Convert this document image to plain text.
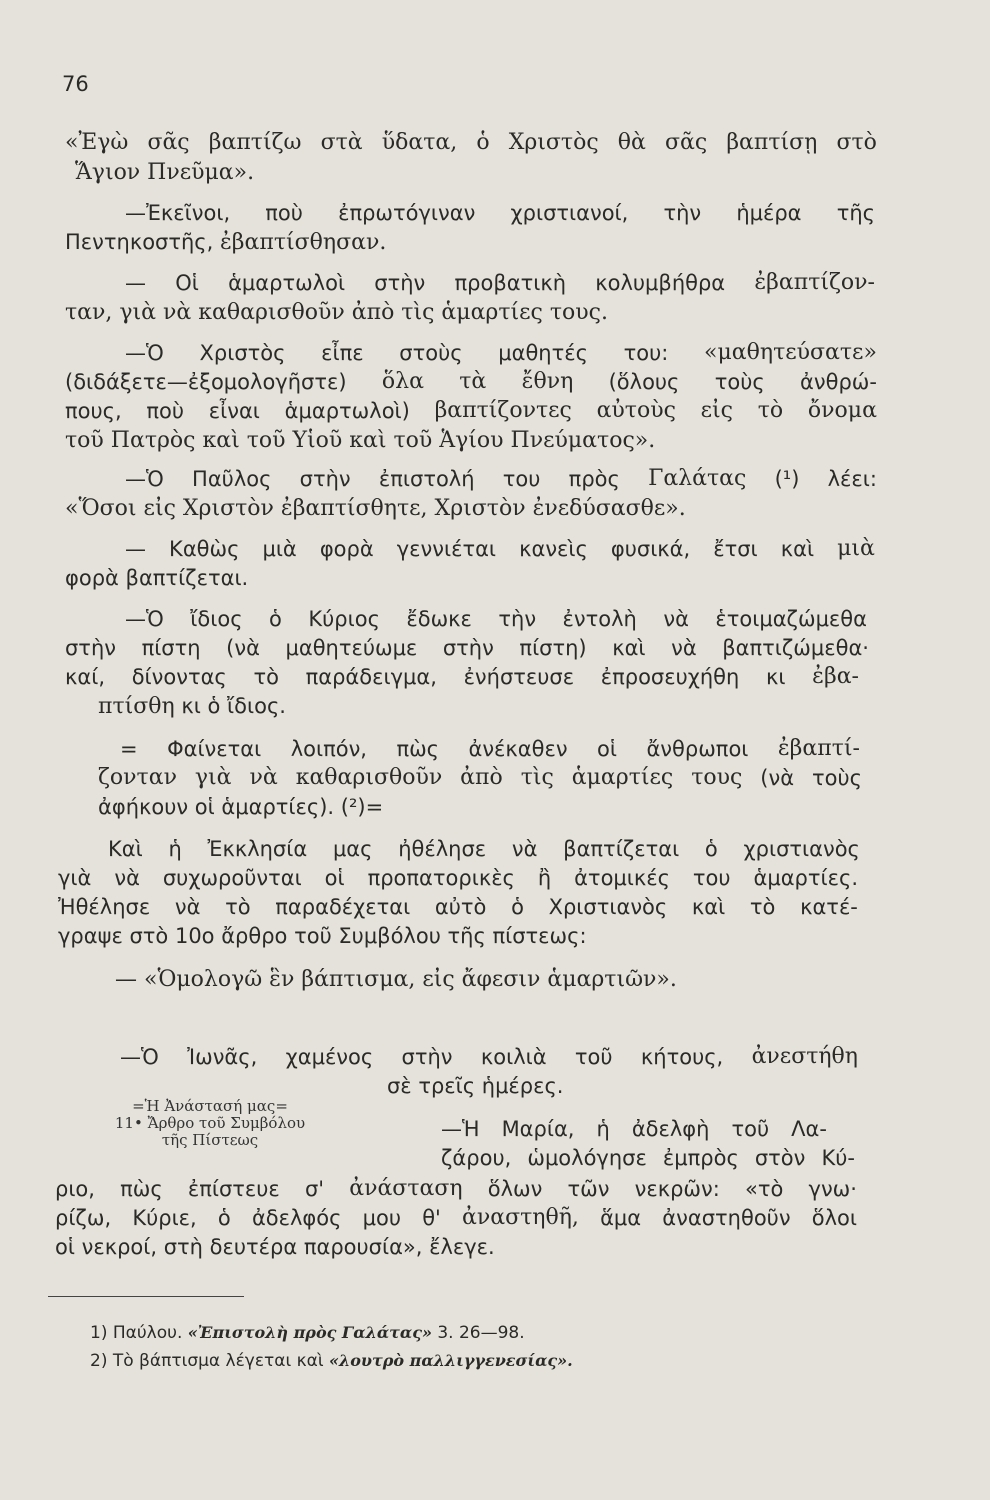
76
«Ἐγὼ σᾶς βαπτίζω στὰ ὕδατα, ὁ Χριστὸς θὰ σᾶς βαπτίσῃ στὸ
Ἅγιον Πνεῦμα».
—Ἐκεῖνοι, ποὺ ἐπρωτόγιναν χριστιανοί, τὴν ἡμέρα τῆς
Πεντηκοστῆς, ἐβαπτίσθησαν.
— Οἱ ἁμαρτωλοὶ στὴν προβατικὴ κολυμβήθρα ἐβαπτίζον-
ταν, γιὰ νὰ καθαρισθοῦν ἀπὸ τὶς ἁμαρτίες τους.
—Ὁ Χριστὸς εἶπε στοὺς μαθητές του: «μαθητεύσατε»
(διδάξετε—ἐξομολογῆστε) ὅλα τὰ ἔθνη (ὅλους τοὺς ἀνθρώ-
πους, ποὺ εἶναι ἁμαρτωλοὶ) βαπτίζοντες αὐτοὺς εἰς τὸ ὄνομα
τοῦ Πατρὸς καὶ τοῦ Υἱοῦ καὶ τοῦ Ἁγίου Πνεύματος».
—Ὁ Παῦλος στὴν ἐπιστολή του πρὸς Γαλάτας (¹) λέει:
«Ὅσοι εἰς Χριστὸν ἐβαπτίσθητε, Χριστὸν ἐνεδύσασθε».
— Καθὼς μιὰ φορὰ γεννιέται κανεὶς φυσικά, ἔτσι καὶ μιὰ
φορὰ βαπτίζεται.
—Ὁ ἴδιος ὁ Κύριος ἔδωκε τὴν ἐντολὴ νὰ ἑτοιμαζώμεθα
στὴν πίστη (νὰ μαθητεύωμε στὴν πίστη) καὶ νὰ βαπτιζώμεθα·
καί, δίνοντας τὸ παράδειγμα, ἐνήστευσε ἐπροσευχήθη κι ἐβα-
πτίσθη κι ὁ ἴδιος.
= Φαίνεται λοιπόν, πὼς ἀνέκαθεν οἱ ἄνθρωποι ἐβαπτί-
ζονταν γιὰ νὰ καθαρισθοῦν ἀπὸ τὶς ἁμαρτίες τους (νὰ τοὺς
ἀφήκουν οἱ ἁμαρτίες). (²)=
Καὶ ἡ Ἐκκλησία μας ἠθέλησε νὰ βαπτίζεται ὁ χριστιανὸς
γιὰ νὰ συχωροῦνται οἱ προπατορικὲς ἢ ἀτομικές του ἁμαρτίες.
Ἠθέλησε νὰ τὸ παραδέχεται αὐτὸ ὁ Χριστιανὸς καὶ τὸ κατέ-
γραψε στὸ 10ο ἄρθρο τοῦ Συμβόλου τῆς πίστεως:
— «Ὁμολογῶ ἓν βάπτισμα, εἰς ἄφεσιν ἁμαρτιῶν».
—Ὁ Ἰωνᾶς, χαμένος στὴν κοιλιὰ τοῦ κήτους, ἀνεστήθη
σὲ τρεῖς ἡμέρες.
—Ἡ Μαρία, ἡ ἀδελφὴ τοῦ Λα-
ζάρου, ὡμολόγησε ἐμπρὸς στὸν Κύ-
ριο, πὼς ἐπίστευε σ' ἀνάσταση ὅλων τῶν νεκρῶν: «τὸ γνω·
ρίζω, Κύριε, ὁ ἀδελφός μου θ' ἀναστηθῆ, ἅμα ἀναστηθοῦν ὅλοι
οἱ νεκροί, στὴ δευτέρα παρουσία», ἔλεγε.
=Ἡ Ἀνάστασή μας=
11• Ἄρθρο τοῦ Συμβόλου
τῆς Πίστεως
1) Παύλου. «Ἐπιστολὴ πρὸς Γαλάτας» 3. 26—98.
2) Τὸ βάπτισμα λέγεται καὶ «λουτρὸ παλλιγγενεσίας».
